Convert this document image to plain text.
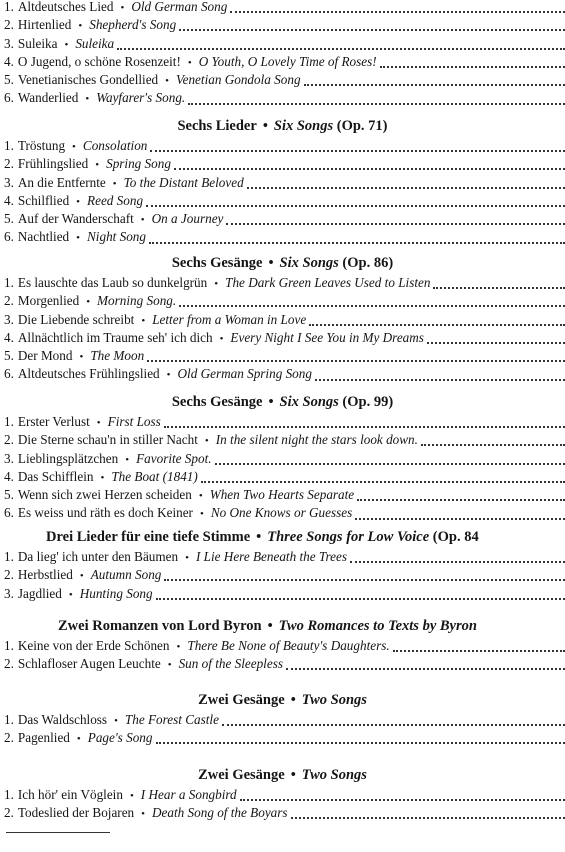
1. Altdeutsches Lied • Old German Song
2. Hirtenlied • Shepherd's Song
3. Suleika • Suleika
4. O Jugend, o schöne Rosenzeit! • O Youth, O Lovely Time of Roses!
5. Venetianisches Gondellied • Venetian Gondola Song
6. Wanderlied • Wayfarer's Song.
Sechs Lieder • Six Songs (Op. 71)
1. Tröstung • Consolation
2. Frühlingslied • Spring Song
3. An die Entfernte • To the Distant Beloved
4. Schilflied • Reed Song
5. Auf der Wanderschaft • On a Journey
6. Nachtlied • Night Song
Sechs Gesänge • Six Songs (Op. 86)
1. Es lauschte das Laub so dunkelgrün • The Dark Green Leaves Used to Listen
2. Morgenlied • Morning Song.
3. Die Liebende schreibt • Letter from a Woman in Love
4. Allnächtlich im Traume seh' ich dich • Every Night I See You in My Dreams
5. Der Mond • The Moon
6. Altdeutsches Frühlingslied • Old German Spring Song
Sechs Gesänge • Six Songs (Op. 99)
1. Erster Verlust • First Loss
2. Die Sterne schau'n in stiller Nacht • In the silent night the stars look down.
3. Lieblingsplätzchen • Favorite Spot.
4. Das Schifflein • The Boat (1841)
5. Wenn sich zwei Herzen scheiden • When Two Hearts Separate
6. Es weiss und räth es doch Keiner • No One Knows or Guesses
Drei Lieder für eine tiefe Stimme • Three Songs for Low Voice (Op. 84
1. Da lieg' ich unter den Bäumen • I Lie Here Beneath the Trees
2. Herbstlied • Autumn Song
3. Jagdlied • Hunting Song
Zwei Romanzen von Lord Byron • Two Romances to Texts by Byron
1. Keine von der Erde Schönen • There Be None of Beauty's Daughters.
2. Schlafloser Augen Leuchte • Sun of the Sleepless
Zwei Gesänge • Two Songs
1. Das Waldschloss • The Forest Castle
2. Pagenlied • Page's Song
Zwei Gesänge • Two Songs
1. Ich hör' ein Vöglein • I Hear a Songbird
2. Todeslied der Bojaren • Death Song of the Boyars
